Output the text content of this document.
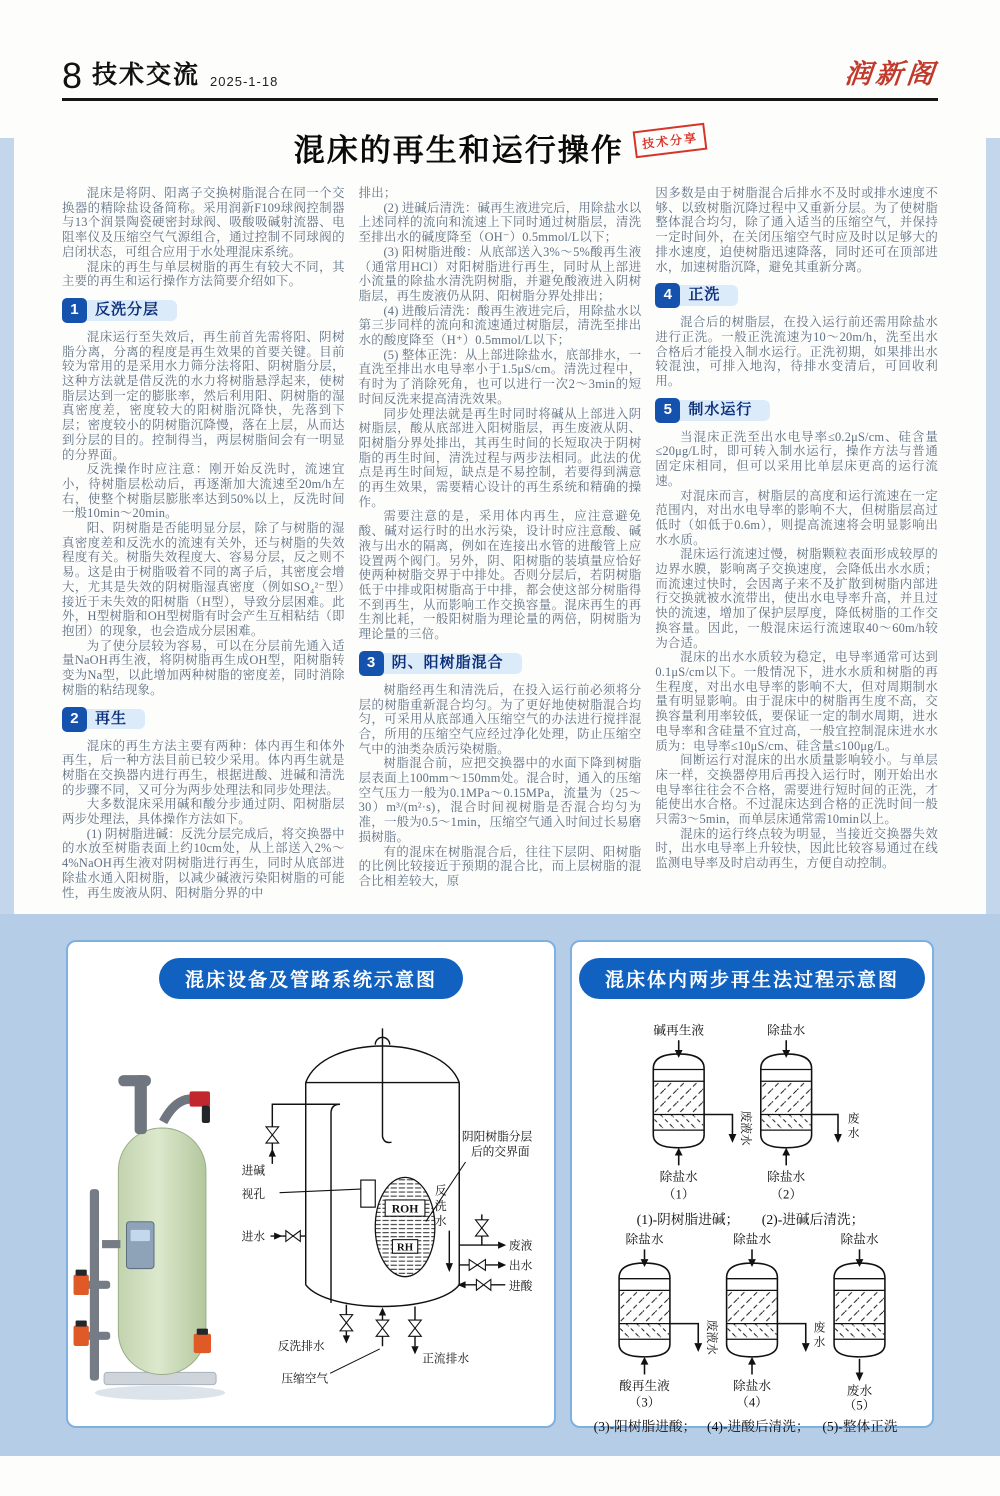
8 技术交流 2025-1-18	润新阁
混床的再生和运行操作 技术分享

混床是将阴、阳离子交换树脂混合在同一个交换器的精除盐设备简称。采用润新F109球阀控制器与13个润景陶瓷硬密封球阀、吸酸吸碱射流器、电阻率仪及压缩空气气源组合，通过控制不同球阀的启闭状态，可组合应用于水处理混床系统。

混床的再生与单层树脂的再生有较大不同，其主要的再生和运行操作方法简要介绍如下。

1	反洗分层

混床运行至失效后，再生前首先需将阳、阴树脂分离，分离的程度是再生效果的首要关键。目前较为常用的是采用水力筛分法将阳、阴树脂分层，这种方法就是借反洗的水力将树脂悬浮起来，使树脂层达到一定的膨胀率，然后利用阳、阴树脂的湿真密度差，密度较大的阳树脂沉降快，先落到下层；密度较小的阴树脂沉降慢，落在上层，从而达到分层的目的。控制得当，两层树脂间会有一明显的分界面。

反洗操作时应注意：刚开始反洗时，流速宜小，待树脂层松动后，再逐渐加大流速至20m/h左右，使整个树脂层膨胀率达到50%以上，反洗时间一般10min～20min。

阳、阴树脂是否能明显分层，除了与树脂的湿真密度差和反洗水的流速有关外，还与树脂的失效程度有关。树脂失效程度大、容易分层，反之则不易。这是由于树脂吸着不同的离子后，其密度会增大，尤其是失效的阴树脂湿真密度（例如SO₄²⁻型）接近于未失效的阳树脂（H型），导致分层困难。此外，H型树脂和OH型树脂有时会产生互相粘结（即抱团）的现象，也会造成分层困难。

为了使分层较为容易，可以在分层前先通入适量NaOH再生液，将阴树脂再生成OH型，阳树脂转变为Na型，以此增加两种树脂的密度差，同时消除树脂的粘结现象。

2	再生

混床的再生方法主要有两种：体内再生和体外再生，后一种方法目前已较少采用。体内再生就是树脂在交换器内进行再生，根据进酸、进碱和清洗的步骤不同，又可分为两步处理法和同步处理法。

大多数混床采用碱和酸分步通过阴、阳树脂层两步处理法，具体操作方法如下。

(1) 阴树脂进碱：反洗分层完成后，将交换器中的水放至树脂表面上约10cm处，从上部送入2%～4%NaOH再生液对阴树脂进行再生，同时从底部进除盐水通入阳树脂，以减少碱液污染阳树脂的可能性，再生废液从阴、阳树脂分界的中

排出；

(2) 进碱后清洗：碱再生液进完后，用除盐水以上述同样的流向和流速上下同时通过树脂层，清洗至排出水的碱度降至（OH⁻）0.5mmol/L以下；

(3) 阳树脂进酸：从底部送入3%～5%酸再生液（通常用HCl）对阳树脂进行再生，同时从上部进小流量的除盐水清洗阴树脂，并避免酸液进入阴树脂层，再生废液仍从阴、阳树脂分界处排出；

(4) 进酸后清洗：酸再生液进完后，用除盐水以第三步同样的流向和流速通过树脂层，清洗至排出水的酸度降至（H⁺）0.5mmol/L以下；

(5) 整体正洗：从上部进除盐水，底部排水，一直洗至排出水电导率小于1.5μS/cm。清洗过程中，有时为了消除死角，也可以进行一次2～3min的短时间反洗来提高清洗效果。

同步处理法就是再生时同时将碱从上部进入阴树脂层，酸从底部进入阳树脂层，再生废液从阴、阳树脂分界处排出，其再生时间的长短取决于阴树脂的再生时间，清洗过程与两步法相同。此法的优点是再生时间短，缺点是不易控制，若要得到满意的再生效果，需要精心设计的再生系统和精确的操作。

需要注意的是，采用体内再生，应注意避免酸、碱对运行时的出水污染，设计时应注意酸、碱液与出水的隔离，例如在连接出水管的进酸管上应设置两个阀门。另外，阴、阳树脂的装填量应恰好使两种树脂交界于中排处。否则分层后，若阴树脂低于中排或阳树脂高于中排，都会使这部分树脂得不到再生，从而影响工作交换容量。混床再生的再生剂比耗，一般阳树脂为理论量的两倍，阴树脂为理论量的三倍。

3	阴、阳树脂混合

树脂经再生和清洗后，在投入运行前必须将分层的树脂重新混合均匀。为了更好地使树脂混合均匀，可采用从底部通入压缩空气的办法进行搅拌混合，所用的压缩空气应经过净化处理，防止压缩空气中的油类杂质污染树脂。

树脂混合前，应把交换器中的水面下降到树脂层表面上100mm～150mm处。混合时，通入的压缩空气压力一般为0.1MPa～0.15MPa，流量为（25～30）m³/(m²·s)，混合时间视树脂是否混合均匀为准，一般为0.5～1min，压缩空气通入时间过长易磨损树脂。

有的混床在树脂混合后，往往下层阴、阳树脂的比例比较接近于预期的混合比，而上层树脂的混合比相差较大，原

因多数是由于树脂混合后排水不及时或排水速度不够、以致树脂沉降过程中又重新分层。为了使树脂整体混合均匀，除了通入适当的压缩空气，并保持一定时间外，在关闭压缩空气时应及时以足够大的排水速度，迫使树脂迅速降落，同时还可在顶部进水，加速树脂沉降，避免其重新分离。

4	正洗

混合后的树脂层，在投入运行前还需用除盐水进行正洗。一般正洗流速为10～20m/h，洗至出水合格后才能投入制水运行。正洗初期，如果排出水较混浊，可排入地沟，待排水变清后，可回收利用。

5	制水运行

当混床正洗至出水电导率≤0.2μS/cm、硅含量≤20μg/L时，即可转入制水运行，操作方法与普通固定床相同，但可以采用比单层床更高的运行流速。

对混床而言，树脂层的高度和运行流速在一定范围内，对出水电导率的影响不大，但树脂层高过低时（如低于0.6m），则提高流速将会明显影响出水水质。

混床运行流速过慢，树脂颗粒表面形成较厚的边界水膜，影响离子交换速度，会降低出水水质；而流速过快时，会因离子来不及扩散到树脂内部进行交换就被水流带出，使出水电导率升高，并且过快的流速，增加了保护层厚度，降低树脂的工作交换容量。因此，一般混床运行流速取40～60m/h较为合适。

混床的出水水质较为稳定，电导率通常可达到0.1μS/cm以下。一般情况下，进水水质和树脂的再生程度，对出水电导率的影响不大，但对周期制水量有明显影响。由于混床中的树脂再生度不高，交换容量利用率较低，要保证一定的制水周期，进水电导率和含硅量不宜过高，一般宜控制混床进水水质为：电导率≤10μS/cm、硅含量≤100μg/L。

间断运行对混床的出水质量影响较小。与单层床一样，交换器停用后再投入运行时，刚开始出水电导率往往会不合格，需要进行短时间的正洗，才能使出水合格。不过混床达到合格的正洗时间一般只需3～5min，而单层床通常需10min以上。

混床的运行终点较为明显，当接近交换器失效时，出水电导率上升较快，因此比较容易通过在线监测电导率及时启动再生，方便自动控制。

混床设备及管路系统示意图
进碱
视孔
进水
ROH
RH
反
洗
水
阴阳树脂分层
后的交界面
废液
出水
进酸
反洗排水
压缩空气
正流排水
混床体内两步再生法过程示意图
碱再生液	除盐水
除盐水	除盐水
（1）	（2）
废液水	废
水
除盐水	除盐水	除盐水
酸再生液	除盐水	废水
（3）	（4）	（5）
废液水	废
水
(1)-阴树脂进碱； (2)-进碱后清洗；
(3)-阳树脂进酸； (4)-进酸后清洗； (5)-整体正洗
